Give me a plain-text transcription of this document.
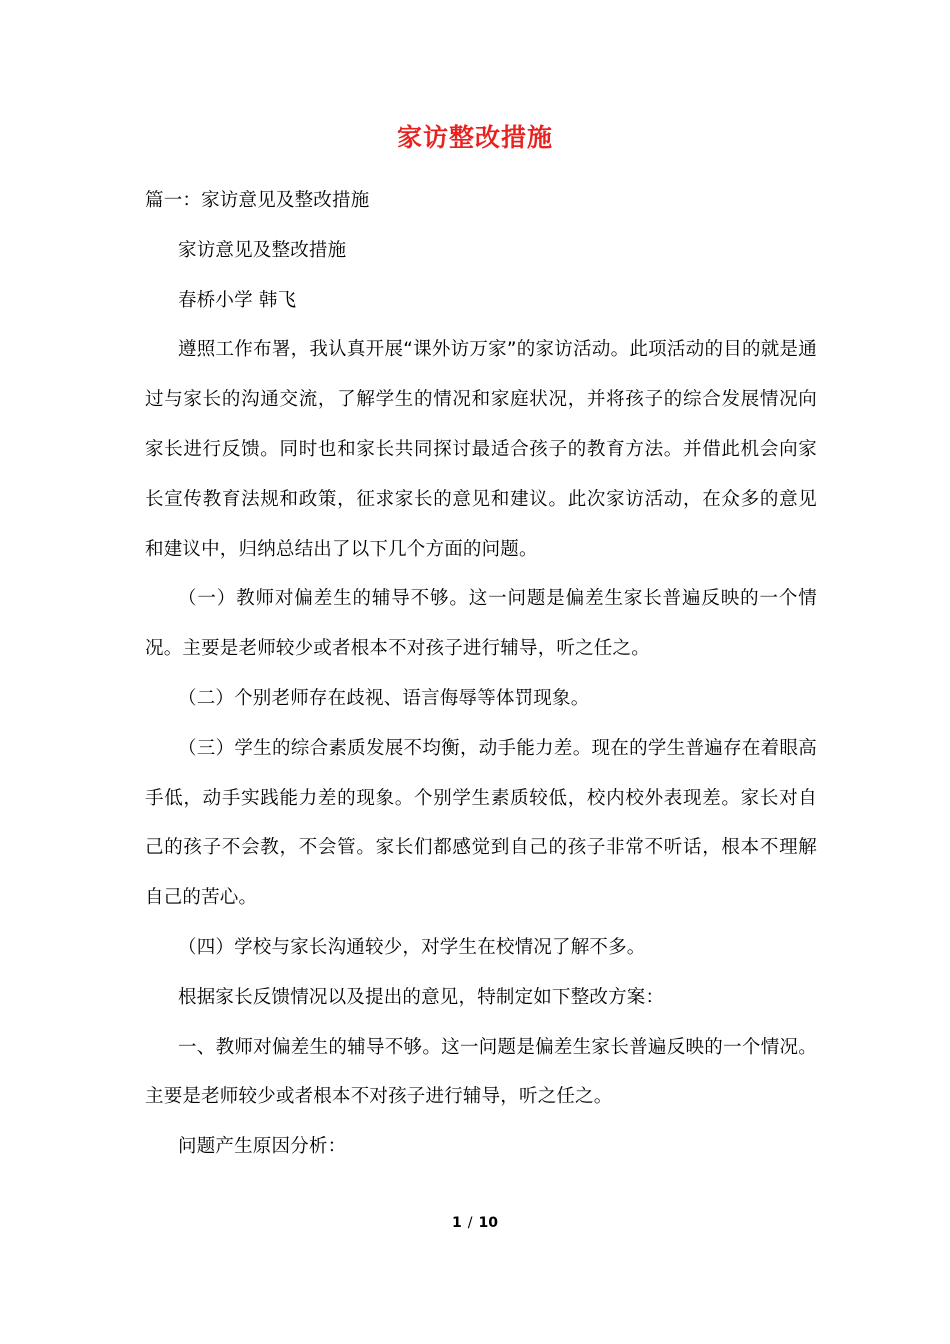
家访整改措施

篇一：家访意见及整改措施

家访意见及整改措施

春桥小学 韩飞

遵照工作布署，我认真开展“课外访万家”的家访活动。此项活动的目的就是通过与家长的沟通交流，了解学生的情况和家庭状况，并将孩子的综合发展情况向家长进行反馈。同时也和家长共同探讨最适合孩子的教育方法。并借此机会向家长宣传教育法规和政策，征求家长的意见和建议。此次家访活动，在众多的意见和建议中，归纳总结出了以下几个方面的问题。

（一）教师对偏差生的辅导不够。这一问题是偏差生家长普遍反映的一个情况。主要是老师较少或者根本不对孩子进行辅导，听之任之。

（二）个别老师存在歧视、语言侮辱等体罚现象。

（三）学生的综合素质发展不均衡，动手能力差。现在的学生普遍存在着眼高手低，动手实践能力差的现象。个别学生素质较低，校内校外表现差。家长对自己的孩子不会教，不会管。家长们都感觉到自己的孩子非常不听话，根本不理解自己的苦心。

（四）学校与家长沟通较少，对学生在校情况了解不多。

根据家长反馈情况以及提出的意见，特制定如下整改方案：

一、教师对偏差生的辅导不够。这一问题是偏差生家长普遍反映的一个情况。主要是老师较少或者根本不对孩子进行辅导，听之任之。

问题产生原因分析：

1 / 10
